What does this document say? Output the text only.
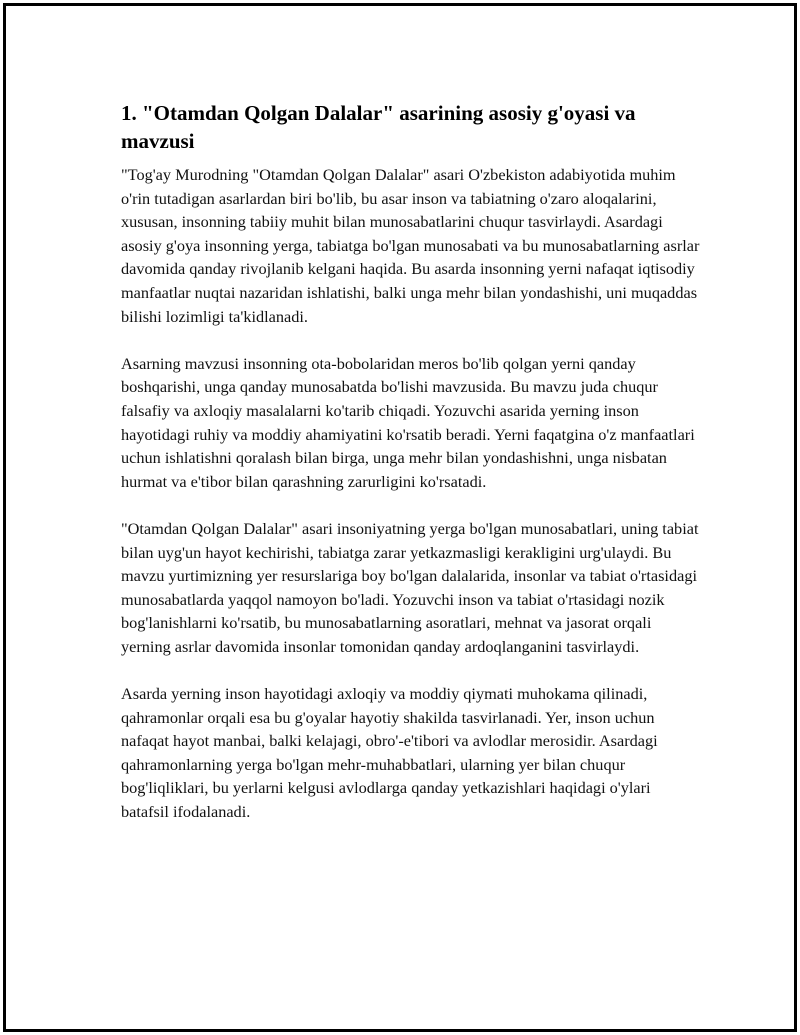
1. "Otamdan Qolgan Dalalar" asarining asosiy g'oyasi va mavzusi

"Tog'ay Murodning "Otamdan Qolgan Dalalar" asari O'zbekiston adabiyotida muhim o'rin tutadigan asarlardan biri bo'lib, bu asar inson va tabiatning o'zaro aloqalarini, xususan, insonning tabiiy muhit bilan munosabatlarini chuqur tasvirlaydi. Asardagi asosiy g'oya insonning yerga, tabiatga bo'lgan munosabati va bu munosabatlarning asrlar davomida qanday rivojlanib kelgani haqida. Bu asarda insonning yerni nafaqat iqtisodiy manfaatlar nuqtai nazaridan ishlatishi, balki unga mehr bilan yondashishi, uni muqaddas bilishi lozimligi ta'kidlanadi.

Asarning mavzusi insonning ota-bobolaridan meros bo'lib qolgan yerni qanday boshqarishi, unga qanday munosabatda bo'lishi mavzusida. Bu mavzu juda chuqur falsafiy va axloqiy masalalarni ko'tarib chiqadi. Yozuvchi asarida yerning inson hayotidagi ruhiy va moddiy ahamiyatini ko'rsatib beradi. Yerni faqatgina o'z manfaatlari uchun ishlatishni qoralash bilan birga, unga mehr bilan yondashishni, unga nisbatan hurmat va e'tibor bilan qarashning zarurligini ko'rsatadi.

"Otamdan Qolgan Dalalar" asari insoniyatning yerga bo'lgan munosabatlari, uning tabiat bilan uyg'un hayot kechirishi, tabiatga zarar yetkazmasligi kerakligini urg'ulaydi. Bu mavzu yurtimizning yer resurslariga boy bo'lgan dalalarida, insonlar va tabiat o'rtasidagi munosabatlarda yaqqol namoyon bo'ladi. Yozuvchi inson va tabiat o'rtasidagi nozik bog'lanishlarni ko'rsatib, bu munosabatlarning asoratlari, mehnat va jasorat orqali yerning asrlar davomida insonlar tomonidan qanday ardoqlanganini tasvirlaydi.

Asarda yerning inson hayotidagi axloqiy va moddiy qiymati muhokama qilinadi, qahramonlar orqali esa bu g'oyalar hayotiy shakilda tasvirlanadi. Yer, inson uchun nafaqat hayot manbai, balki kelajagi, obro'-e'tibori va avlodlar merosidir. Asardagi qahramonlarning yerga bo'lgan mehr-muhabbatlari, ularning yer bilan chuqur bog'liqliklari, bu yerlarni kelgusi avlodlarga qanday yetkazishlari haqidagi o'ylari batafsil ifodalanadi.
